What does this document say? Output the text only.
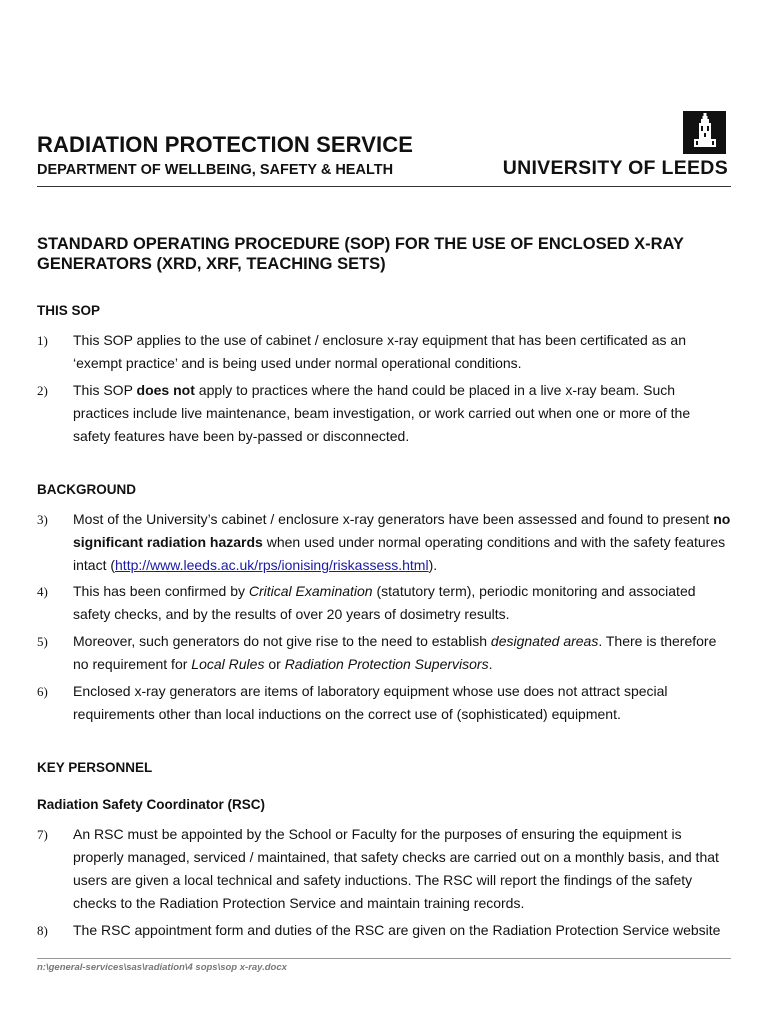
RADIATION PROTECTION SERVICE
DEPARTMENT OF WELLBEING, SAFETY & HEALTH	UNIVERSITY OF LEEDS
STANDARD OPERATING PROCEDURE (SOP) FOR THE USE OF ENCLOSED X-RAY GENERATORS (XRD, XRF, TEACHING SETS)
THIS SOP
1) This SOP applies to the use of cabinet / enclosure x-ray equipment that has been certificated as an ‘exempt practice’ and is being used under normal operational conditions.
2) This SOP does not apply to practices where the hand could be placed in a live x-ray beam. Such practices include live maintenance, beam investigation, or work carried out when one or more of the safety features have been by-passed or disconnected.
BACKGROUND
3) Most of the University’s cabinet / enclosure x-ray generators have been assessed and found to present no significant radiation hazards when used under normal operating conditions and with the safety features intact (http://www.leeds.ac.uk/rps/ionising/riskassess.html).
4) This has been confirmed by Critical Examination (statutory term), periodic monitoring and associated safety checks, and by the results of over 20 years of dosimetry results.
5) Moreover, such generators do not give rise to the need to establish designated areas. There is therefore no requirement for Local Rules or Radiation Protection Supervisors.
6) Enclosed x-ray generators are items of laboratory equipment whose use does not attract special requirements other than local inductions on the correct use of (sophisticated) equipment.
KEY PERSONNEL
Radiation Safety Coordinator (RSC)
7) An RSC must be appointed by the School or Faculty for the purposes of ensuring the equipment is properly managed, serviced / maintained, that safety checks are carried out on a monthly basis, and that users are given a local technical and safety inductions. The RSC will report the findings of the safety checks to the Radiation Protection Service and maintain training records.
8) The RSC appointment form and duties of the RSC are given on the Radiation Protection Service website

n:\general-services\sas\radiation\4 sops\sop x-ray.docx
